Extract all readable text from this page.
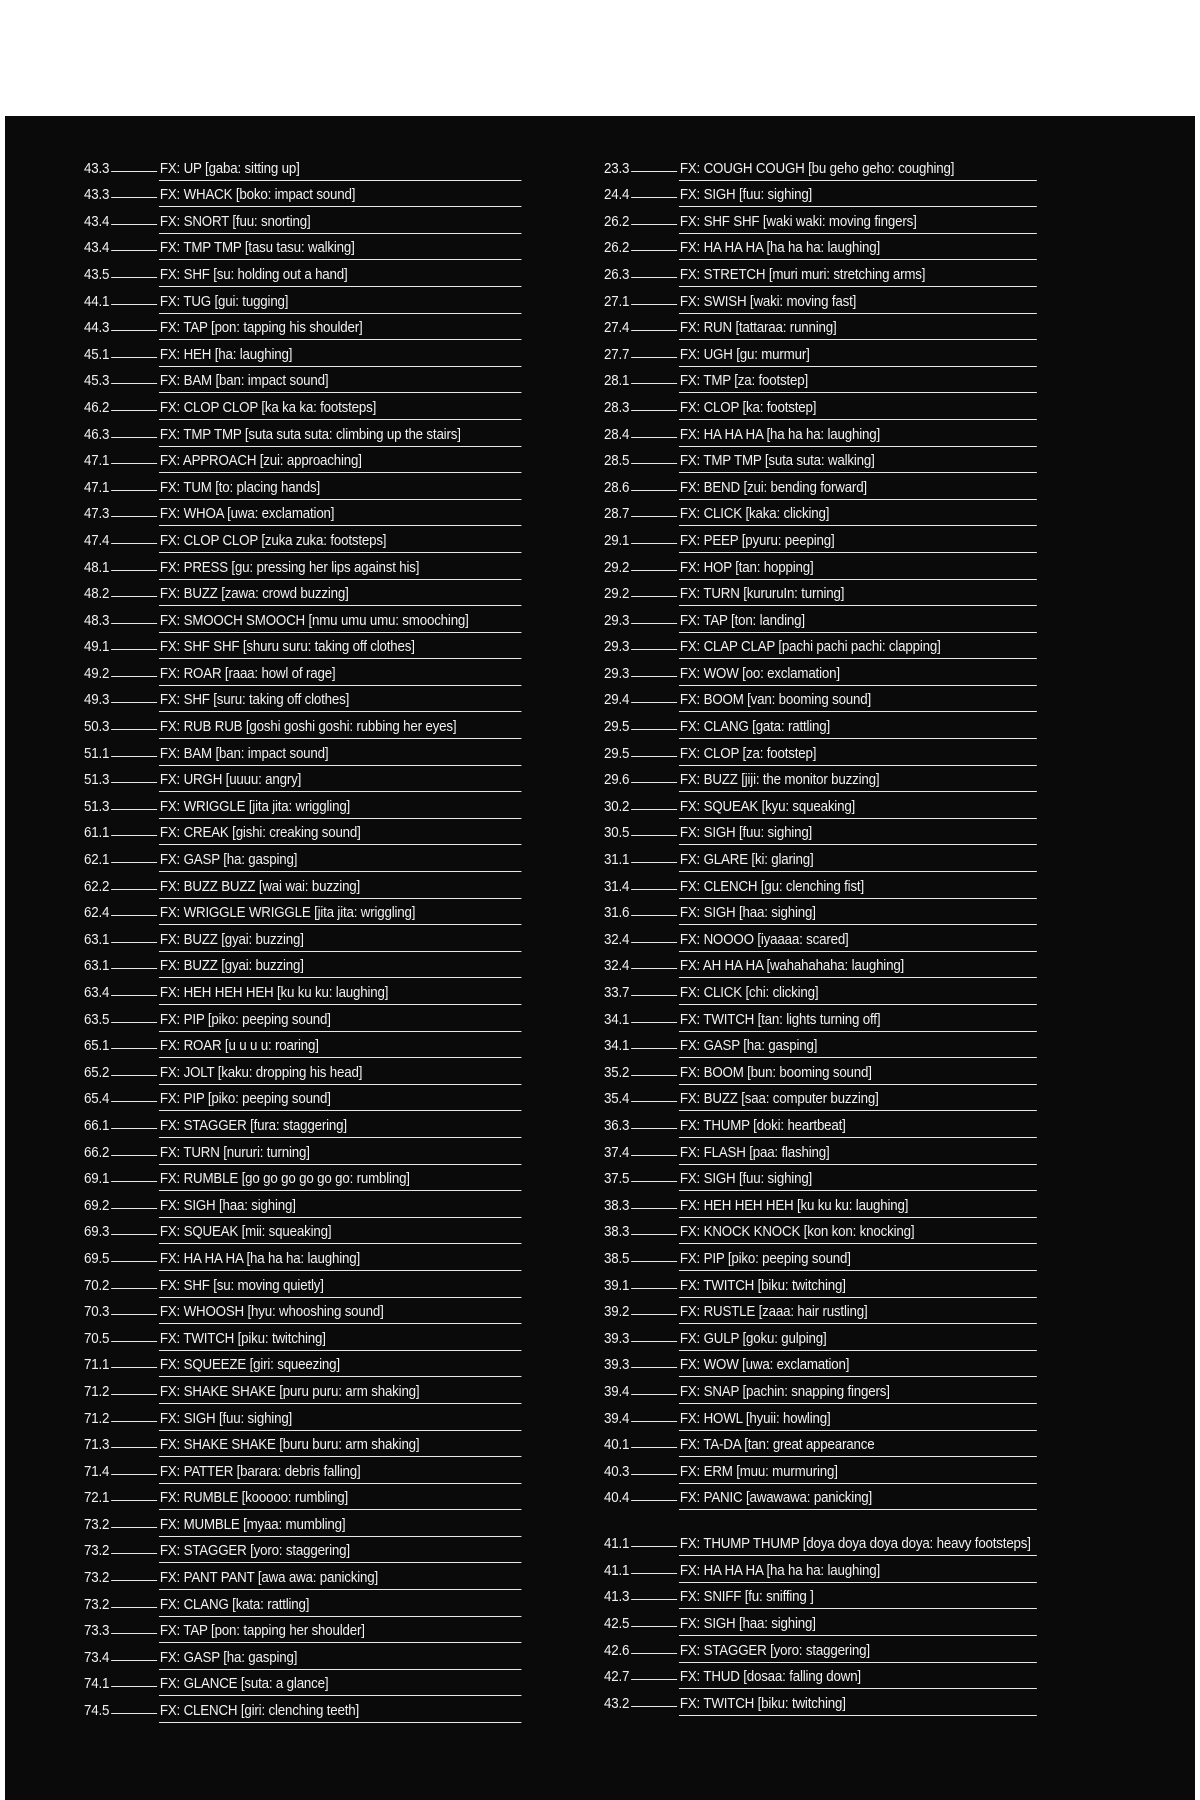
43.3	FX: UP [gaba: sitting up]
43.3	FX: WHACK [boko: impact sound]
43.4	FX: SNORT [fuu: snorting]
43.4	FX: TMP TMP [tasu tasu: walking]
43.5	FX: SHF [su: holding out a hand]
44.1	FX: TUG [gui: tugging]
44.3	FX: TAP [pon: tapping his shoulder]
45.1	FX: HEH [ha: laughing]
45.3	FX: BAM [ban: impact sound]
46.2	FX: CLOP CLOP [ka ka ka: footsteps]
46.3	FX: TMP TMP [suta suta suta: climbing up the stairs]
47.1	FX: APPROACH [zui: approaching]
47.1	FX: TUM [to: placing hands]
47.3	FX: WHOA [uwa: exclamation]
47.4	FX: CLOP CLOP [zuka zuka: footsteps]
48.1	FX: PRESS [gu: pressing her lips against his]
48.2	FX: BUZZ [zawa: crowd buzzing]
48.3	FX: SMOOCH SMOOCH [nmu umu umu: smooching]
49.1	FX: SHF SHF [shuru suru: taking off clothes]
49.2	FX: ROAR [raaa: howl of rage]
49.3	FX: SHF [suru: taking off clothes]
50.3	FX: RUB RUB [goshi goshi goshi: rubbing her eyes]
51.1	FX: BAM [ban: impact sound]
51.3	FX: URGH [uuuu: angry]
51.3	FX: WRIGGLE [jita jita: wriggling]
61.1	FX: CREAK [gishi: creaking sound]
62.1	FX: GASP [ha: gasping]
62.2	FX: BUZZ BUZZ [wai wai: buzzing]
62.4	FX: WRIGGLE WRIGGLE [jita jita: wriggling]
63.1	FX: BUZZ [gyai: buzzing]
63.1	FX: BUZZ [gyai: buzzing]
63.4	FX: HEH HEH HEH [ku ku ku: laughing]
63.5	FX: PIP [piko: peeping sound]
65.1	FX: ROAR [u u u u: roaring]
65.2	FX: JOLT [kaku: dropping his head]
65.4	FX: PIP [piko: peeping sound]
66.1	FX: STAGGER [fura: staggering]
66.2	FX: TURN [nururi: turning]
69.1	FX: RUMBLE [go go go go go go: rumbling]
69.2	FX: SIGH [haa: sighing]
69.3	FX: SQUEAK [mii: squeaking]
69.5	FX: HA HA HA [ha ha ha: laughing]
70.2	FX: SHF [su: moving quietly]
70.3	FX: WHOOSH [hyu: whooshing sound]
70.5	FX: TWITCH [piku: twitching]
71.1	FX: SQUEEZE [giri: squeezing]
71.2	FX: SHAKE SHAKE [puru puru: arm shaking]
71.2	FX: SIGH [fuu: sighing]
71.3	FX: SHAKE SHAKE [buru buru: arm shaking]
71.4	FX: PATTER [barara: debris falling]
72.1	FX: RUMBLE [kooooo: rumbling]
73.2	FX: MUMBLE [myaa: mumbling]
73.2	FX: STAGGER [yoro: staggering]
73.2	FX: PANT PANT [awa awa: panicking]
73.2	FX: CLANG [kata: rattling]
73.3	FX: TAP [pon: tapping her shoulder]
73.4	FX: GASP [ha: gasping]
74.1	FX: GLANCE [suta: a glance]
74.5	FX: CLENCH [giri: clenching teeth]
23.3	FX: COUGH COUGH [bu geho geho: coughing]
24.4	FX: SIGH [fuu: sighing]
26.2	FX: SHF SHF [waki waki: moving fingers]
26.2	FX: HA HA HA [ha ha ha: laughing]
26.3	FX: STRETCH [muri muri: stretching arms]
27.1	FX: SWISH [waki: moving fast]
27.4	FX: RUN [tattaraa: running]
27.7	FX: UGH [gu: murmur]
28.1	FX: TMP [za: footstep]
28.3	FX: CLOP [ka: footstep]
28.4	FX: HA HA HA [ha ha ha: laughing]
28.5	FX: TMP TMP [suta suta: walking]
28.6	FX: BEND [zui: bending forward]
28.7	FX: CLICK [kaka: clicking]
29.1	FX: PEEP [pyuru: peeping]
29.2	FX: HOP [tan: hopping]
29.2	FX: TURN [kururuIn: turning]
29.3	FX: TAP [ton: landing]
29.3	FX: CLAP CLAP [pachi pachi pachi: clapping]
29.3	FX: WOW [oo: exclamation]
29.4	FX: BOOM [van: booming sound]
29.5	FX: CLANG [gata: rattling]
29.5	FX: CLOP [za: footstep]
29.6	FX: BUZZ [jiji: the monitor buzzing]
30.2	FX: SQUEAK [kyu: squeaking]
30.5	FX: SIGH [fuu: sighing]
31.1	FX: GLARE [ki: glaring]
31.4	FX: CLENCH [gu: clenching fist]
31.6	FX: SIGH [haa: sighing]
32.4	FX: NOOOO [iyaaaa: scared]
32.4	FX: AH HA HA [wahahahaha: laughing]
33.7	FX: CLICK [chi: clicking]
34.1	FX: TWITCH [tan: lights turning off]
34.1	FX: GASP [ha: gasping]
35.2	FX: BOOM [bun: booming sound]
35.4	FX: BUZZ [saa: computer buzzing]
36.3	FX: THUMP [doki: heartbeat]
37.4	FX: FLASH [paa: flashing]
37.5	FX: SIGH [fuu: sighing]
38.3	FX: HEH HEH HEH [ku ku ku: laughing]
38.3	FX: KNOCK KNOCK [kon kon: knocking]
38.5	FX: PIP [piko: peeping sound]
39.1	FX: TWITCH [biku: twitching]
39.2	FX: RUSTLE [zaaa: hair rustling]
39.3	FX: GULP [goku: gulping]
39.3	FX: WOW [uwa: exclamation]
39.4	FX: SNAP [pachin: snapping fingers]
39.4	FX: HOWL [hyuii: howling]
40.1	FX: TA-DA [tan: great appearance
40.3	FX: ERM [muu: murmuring]
40.4	FX: PANIC [awawawa: panicking]
41.1	FX: THUMP THUMP [doya doya doya doya: heavy footsteps]
41.1	FX: HA HA HA [ha ha ha: laughing]
41.3	FX: SNIFF [fu: sniffing ]
42.5	FX: SIGH [haa: sighing]
42.6	FX: STAGGER [yoro: staggering]
42.7	FX: THUD [dosaa: falling down]
43.2	FX: TWITCH [biku: twitching]
